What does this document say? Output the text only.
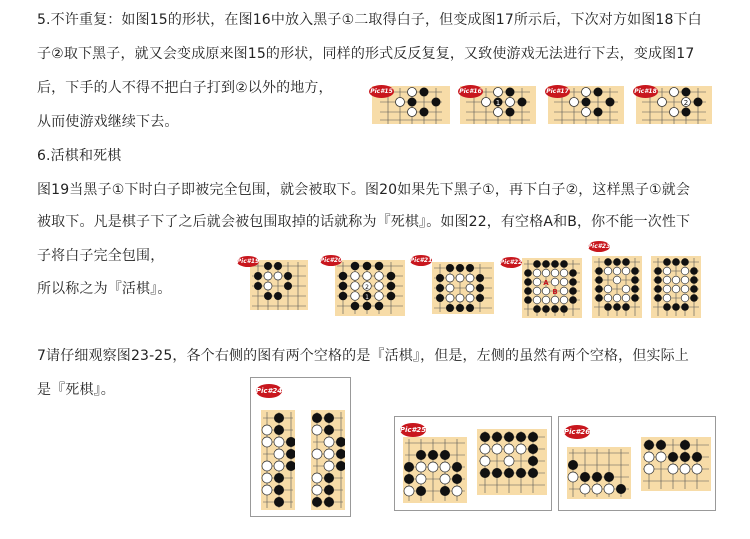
5.不许重复：如图15的形状，在图16中放入黑子①二取得白子，但变成图17所示后，下次对方如图18下白
子②取下黑子，就又会变成原来图15的形状，同样的形式反反复复，又致使游戏无法进行下去，变成图17
后，下手的人不得不把白子打到②以外的地方，
从而使游戏继续下去。
6.活棋和死棋
图19当黑子①下时白子即被完全包围，就会被取下。图20如果先下黑子①，再下白子②，这样黑子①就会
被取下。凡是棋子下了之后就会被包围取掉的话就称为『死棋』。如图22，有空格A和B，你不能一次性下
子将白子完全包围，
所以称之为『活棋』。
7请仔细观察图23-25，各个右侧的图有两个空格的是『活棋』，但是，左侧的虽然有两个空格，但实际上
是『死棋』。
Pic#15
1
Pic#16	Pic#17
2
Pic#18
Pic#19
2
1
Pic#20	Pic#21
A
B
Pic#22
Pic#23
Pic#24
Pic#25	Pic#26
